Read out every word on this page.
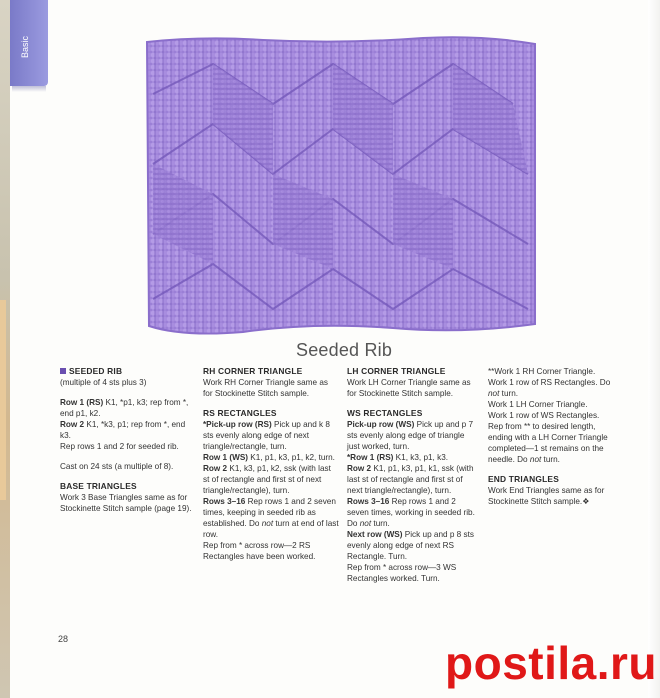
Basic
Seeded Rib

SEEDED RIB
(multiple of 4 sts plus 3)

Row 1 (RS) K1, *p1, k3; rep from *, end p1, k2.
Row 2 K1, *k3, p1; rep from *, end k3.
Rep rows 1 and 2 for seeded rib.

Cast on 24 sts (a multiple of 8).

BASE TRIANGLES
Work 3 Base Triangles same as for Stockinette Stitch sample (page 19).

RH CORNER TRIANGLE
Work RH Corner Triangle same as for Stockinette Stitch sample.

RS RECTANGLES
*Pick-up row (RS) Pick up and k 8 sts evenly along edge of next triangle/rectangle, turn.
Row 1 (WS) K1, p1, k3, p1, k2, turn.
Row 2 K1, k3, p1, k2, ssk (with last st of rectangle and first st of next triangle/rectangle), turn.
Rows 3–16 Rep rows 1 and 2 seven times, keeping in seeded rib as established. Do not turn at end of last row.
Rep from * across row—2 RS Rectangles have been worked.

LH CORNER TRIANGLE
Work LH Corner Triangle same as for Stockinette Stitch sample.

WS RECTANGLES
Pick-up row (WS) Pick up and p 7 sts evenly along edge of triangle just worked, turn.
*Row 1 (RS) K1, k3, p1, k3.
Row 2 K1, p1, k3, p1, k1, ssk (with last st of rectangle and first st of next triangle/rectangle), turn.
Rows 3–16 Rep rows 1 and 2 seven times, working in seeded rib. Do not turn.
Next row (WS) Pick up and p 8 sts evenly along edge of next RS Rectangle. Turn.
Rep from * across row—3 WS Rectangles worked. Turn.

**Work 1 RH Corner Triangle.
Work 1 row of RS Rectangles. Do not turn.
Work 1 LH Corner Triangle.
Work 1 row of WS Rectangles.
Rep from ** to desired length, ending with a LH Corner Triangle completed—1 st remains on the needle. Do not turn.

END TRIANGLES
Work End Triangles same as for Stockinette Stitch sample.❖

28	postila.ru
